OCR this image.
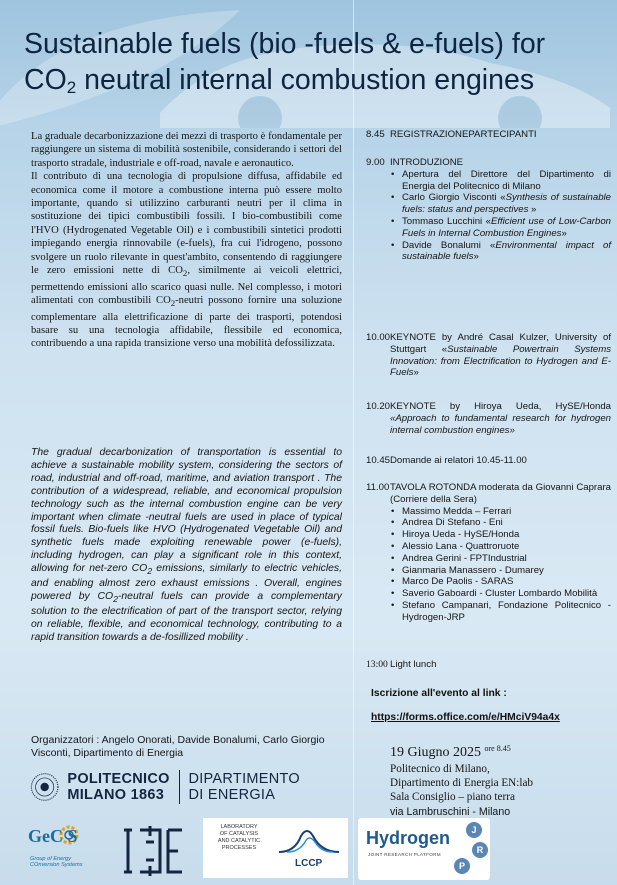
Sustainable fuels (bio -fuels & e-fuels) for
$CO_2$ neutral internal combustion engines

La graduale decarbonizzazione dei mezzi di trasporto è fondamentale per raggiungere un sistema di mobilità sostenibile, considerando i settori del trasporto stradale, industriale e off-road, navale e aeronautico.

Il contributo di una tecnologia di propulsione diffusa, affidabile ed economica come il motore a combustione interna può essere molto importante, quando si utilizzino carburanti neutri per il clima in sostituzione dei tipici combustibili fossili. I bio-combustibili come l'HVO (Hydrogenated Vegetable Oil) e i combustibili sintetici prodotti impiegando energia rinnovabile (e-fuels), fra cui l'idrogeno, possono svolgere un ruolo rilevante in quest'ambito, consentendo di raggiungere le zero emissioni nette di $CO_2$, similmente ai veicoli elettrici, permettendo emissioni allo scarico quasi nulle. Nel complesso, i motori alimentati con combustibili $CO_2$-neutri possono fornire una soluzione complementare alla elettrificazione di parte dei trasporti, potendosi basare su una tecnologia affidabile, flessibile ed economica, contribuendo a una rapida transizione verso una mobilità defossilizzata.

The gradual decarbonization of transportation is essential to achieve a sustainable mobility system, considering the sectors of road, industrial and off-road, maritime, and aviation transport . The contribution of a widespread, reliable, and economical propulsion technology such as the internal combustion engine can be very important when climate -neutral fuels are used in place of typical fossil fuels. Bio-fuels like HVO (Hydrogenated Vegetable Oil) and synthetic fuels made exploiting renewable power (e-fuels), including hydrogen, can play a significant role in this context, allowing for net-zero $CO_2$ emissions, similarly to electric vehicles, and enabling almost zero exhaust emissions . Overall, engines powered by $CO_2$-neutral fuels can provide a complementary solution to the electrification of part of the transport sector, relying on reliable, flexible, and economical technology, contributing to a rapid transition towards a de-fosillized mobility .
Organizzatori : Angelo Onorati, Davide Bonalumi, Carlo Giorgio Visconti, Dipartimento di Energia
8.45 REGISTRAZIONEPARTECIPANTI
9.00 INTRODUZIONE
• Apertura del Direttore del Dipartimento di Energia del Politecnico di Milano
• Carlo Giorgio Visconti «Synthesis of sustainable fuels: status and perspectives »
• Tommaso Lucchini «Efficient use of Low-Carbon Fuels in Internal Combustion Engines»
• Davide Bonalumi «Environmental impact of sustainable fuels»
10.00 KEYNOTE by André Casal Kulzer, University of Stuttgart «Sustainable Powertrain Systems Innovation: from Electrification to Hydrogen and E-Fuels»
10.20 KEYNOTE by Hiroya Ueda, HySE/Honda «Approach to fundamental research for hydrogen internal combustion engines»
10.45 Domande ai relatori 10.45-11.00
11.00 TAVOLA ROTONDA moderata da Giovanni Caprara (Corriere della Sera)
• Massimo Medda – Ferrari
• Andrea Di Stefano - Eni
• Hiroya Ueda - HySE/Honda
• Alessio Lana - Quattroruote
• Andrea Gerini - FPTIndustrial
• Gianmaria Manassero - Dumarey
• Marco De Paolis - SARAS
• Saverio Gaboardi - Cluster Lombardo Mobilità
• Stefano Campanari, Fondazione Politecnico - Hydrogen-JRP
13:00 Light lunch
Iscrizione all'evento al link :
https://forms.office.com/e/HMciV94a4x
19 Giugno 2025 $^{ore 8.45}$
Politecnico di Milano,
Dipartimento di Energia EN:lab
Sala Consiglio – piano terra
via Lambruschini - Milano
POLITECNICO
MILANO 1863
DIPARTIMENTO
DI ENERGIA
GeC S
Group of Energy
COnversion Systems
LABORATORY
OF CATALYSIS
AND CATALYTIC
PROCESSES
LCCP
Hydrogen
JOINT RESEARCH PLATFORM
J
R
P
